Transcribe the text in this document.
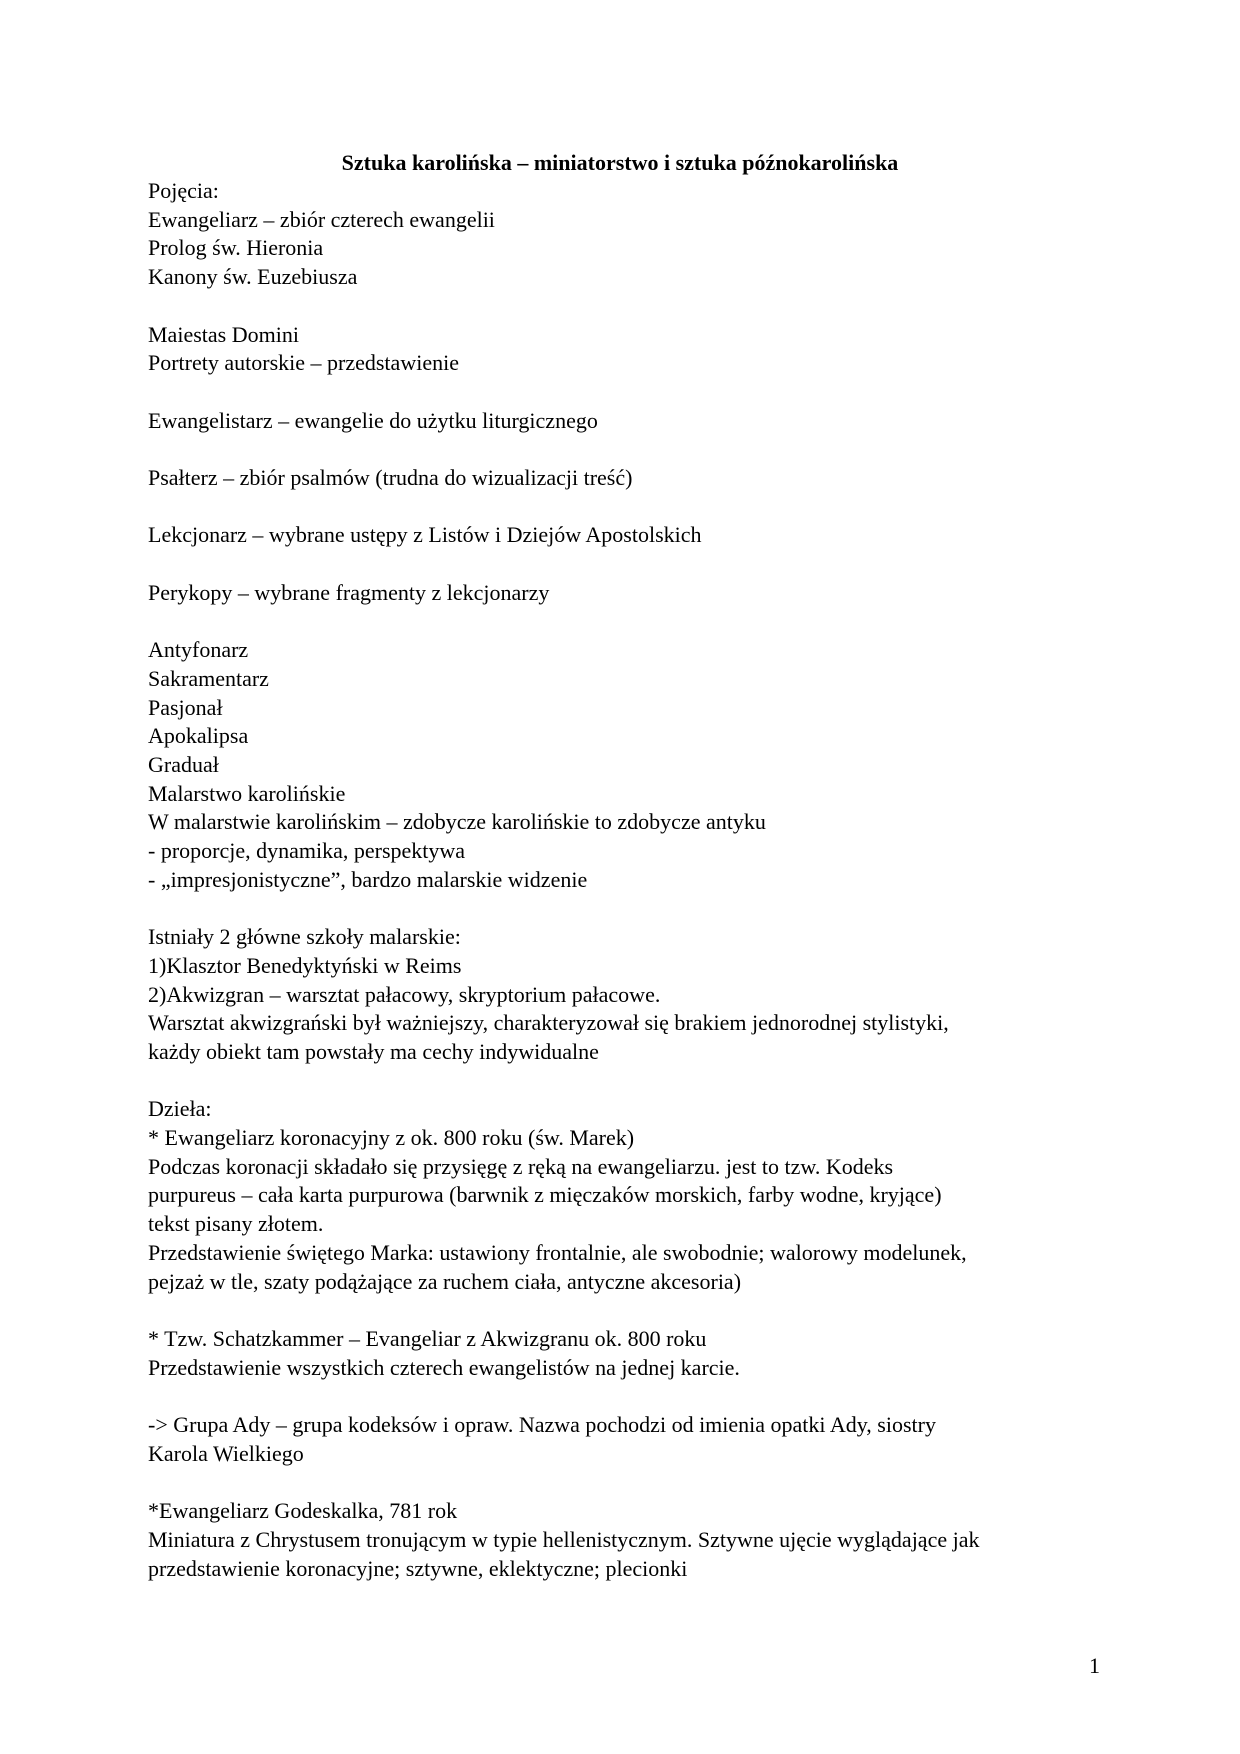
Sztuka karolińska – miniatorstwo i sztuka późnokarolińska
Pojęcia:
Ewangeliarz – zbiór czterech ewangelii
Prolog św. Hieronia
Kanony św. Euzebiusza
Maiestas Domini
Portrety autorskie – przedstawienie
Ewangelistarz – ewangelie do użytku liturgicznego
Psałterz – zbiór psalmów (trudna do wizualizacji treść)
Lekcjonarz – wybrane ustępy z Listów i Dziejów Apostolskich
Perykopy – wybrane fragmenty z lekcjonarzy
Antyfonarz
Sakramentarz
Pasjonał
Apokalipsa
Graduał
Malarstwo karolińskie
W malarstwie karolińskim – zdobycze karolińskie to zdobycze antyku
- proporcje, dynamika, perspektywa
- „impresjonistyczne”, bardzo malarskie widzenie
Istniały 2 główne szkoły malarskie:
1)Klasztor Benedyktyński w Reims
2)Akwizgran – warsztat pałacowy, skryptorium pałacowe.
Warsztat akwizgrański był ważniejszy, charakteryzował się brakiem jednorodnej stylistyki,
każdy obiekt tam powstały ma cechy indywidualne
Dzieła:
* Ewangeliarz koronacyjny z ok. 800 roku (św. Marek)
Podczas koronacji składało się przysięgę z ręką na ewangeliarzu. jest to tzw. Kodeks
purpureus – cała karta purpurowa (barwnik z mięczaków morskich, farby wodne, kryjące)
tekst pisany złotem.
Przedstawienie świętego Marka: ustawiony frontalnie, ale swobodnie; walorowy modelunek,
pejzaż w tle, szaty podążające za ruchem ciała, antyczne akcesoria)
* Tzw. Schatzkammer – Evangeliar z Akwizgranu ok. 800 roku
Przedstawienie wszystkich czterech ewangelistów na jednej karcie.
-> Grupa Ady – grupa kodeksów i opraw. Nazwa pochodzi od imienia opatki Ady, siostry
Karola Wielkiego
*Ewangeliarz Godeskalka, 781 rok
Miniatura z Chrystusem tronującym w typie hellenistycznym. Sztywne ujęcie wyglądające jak
przedstawienie koronacyjne; sztywne, eklektyczne; plecionki
1
